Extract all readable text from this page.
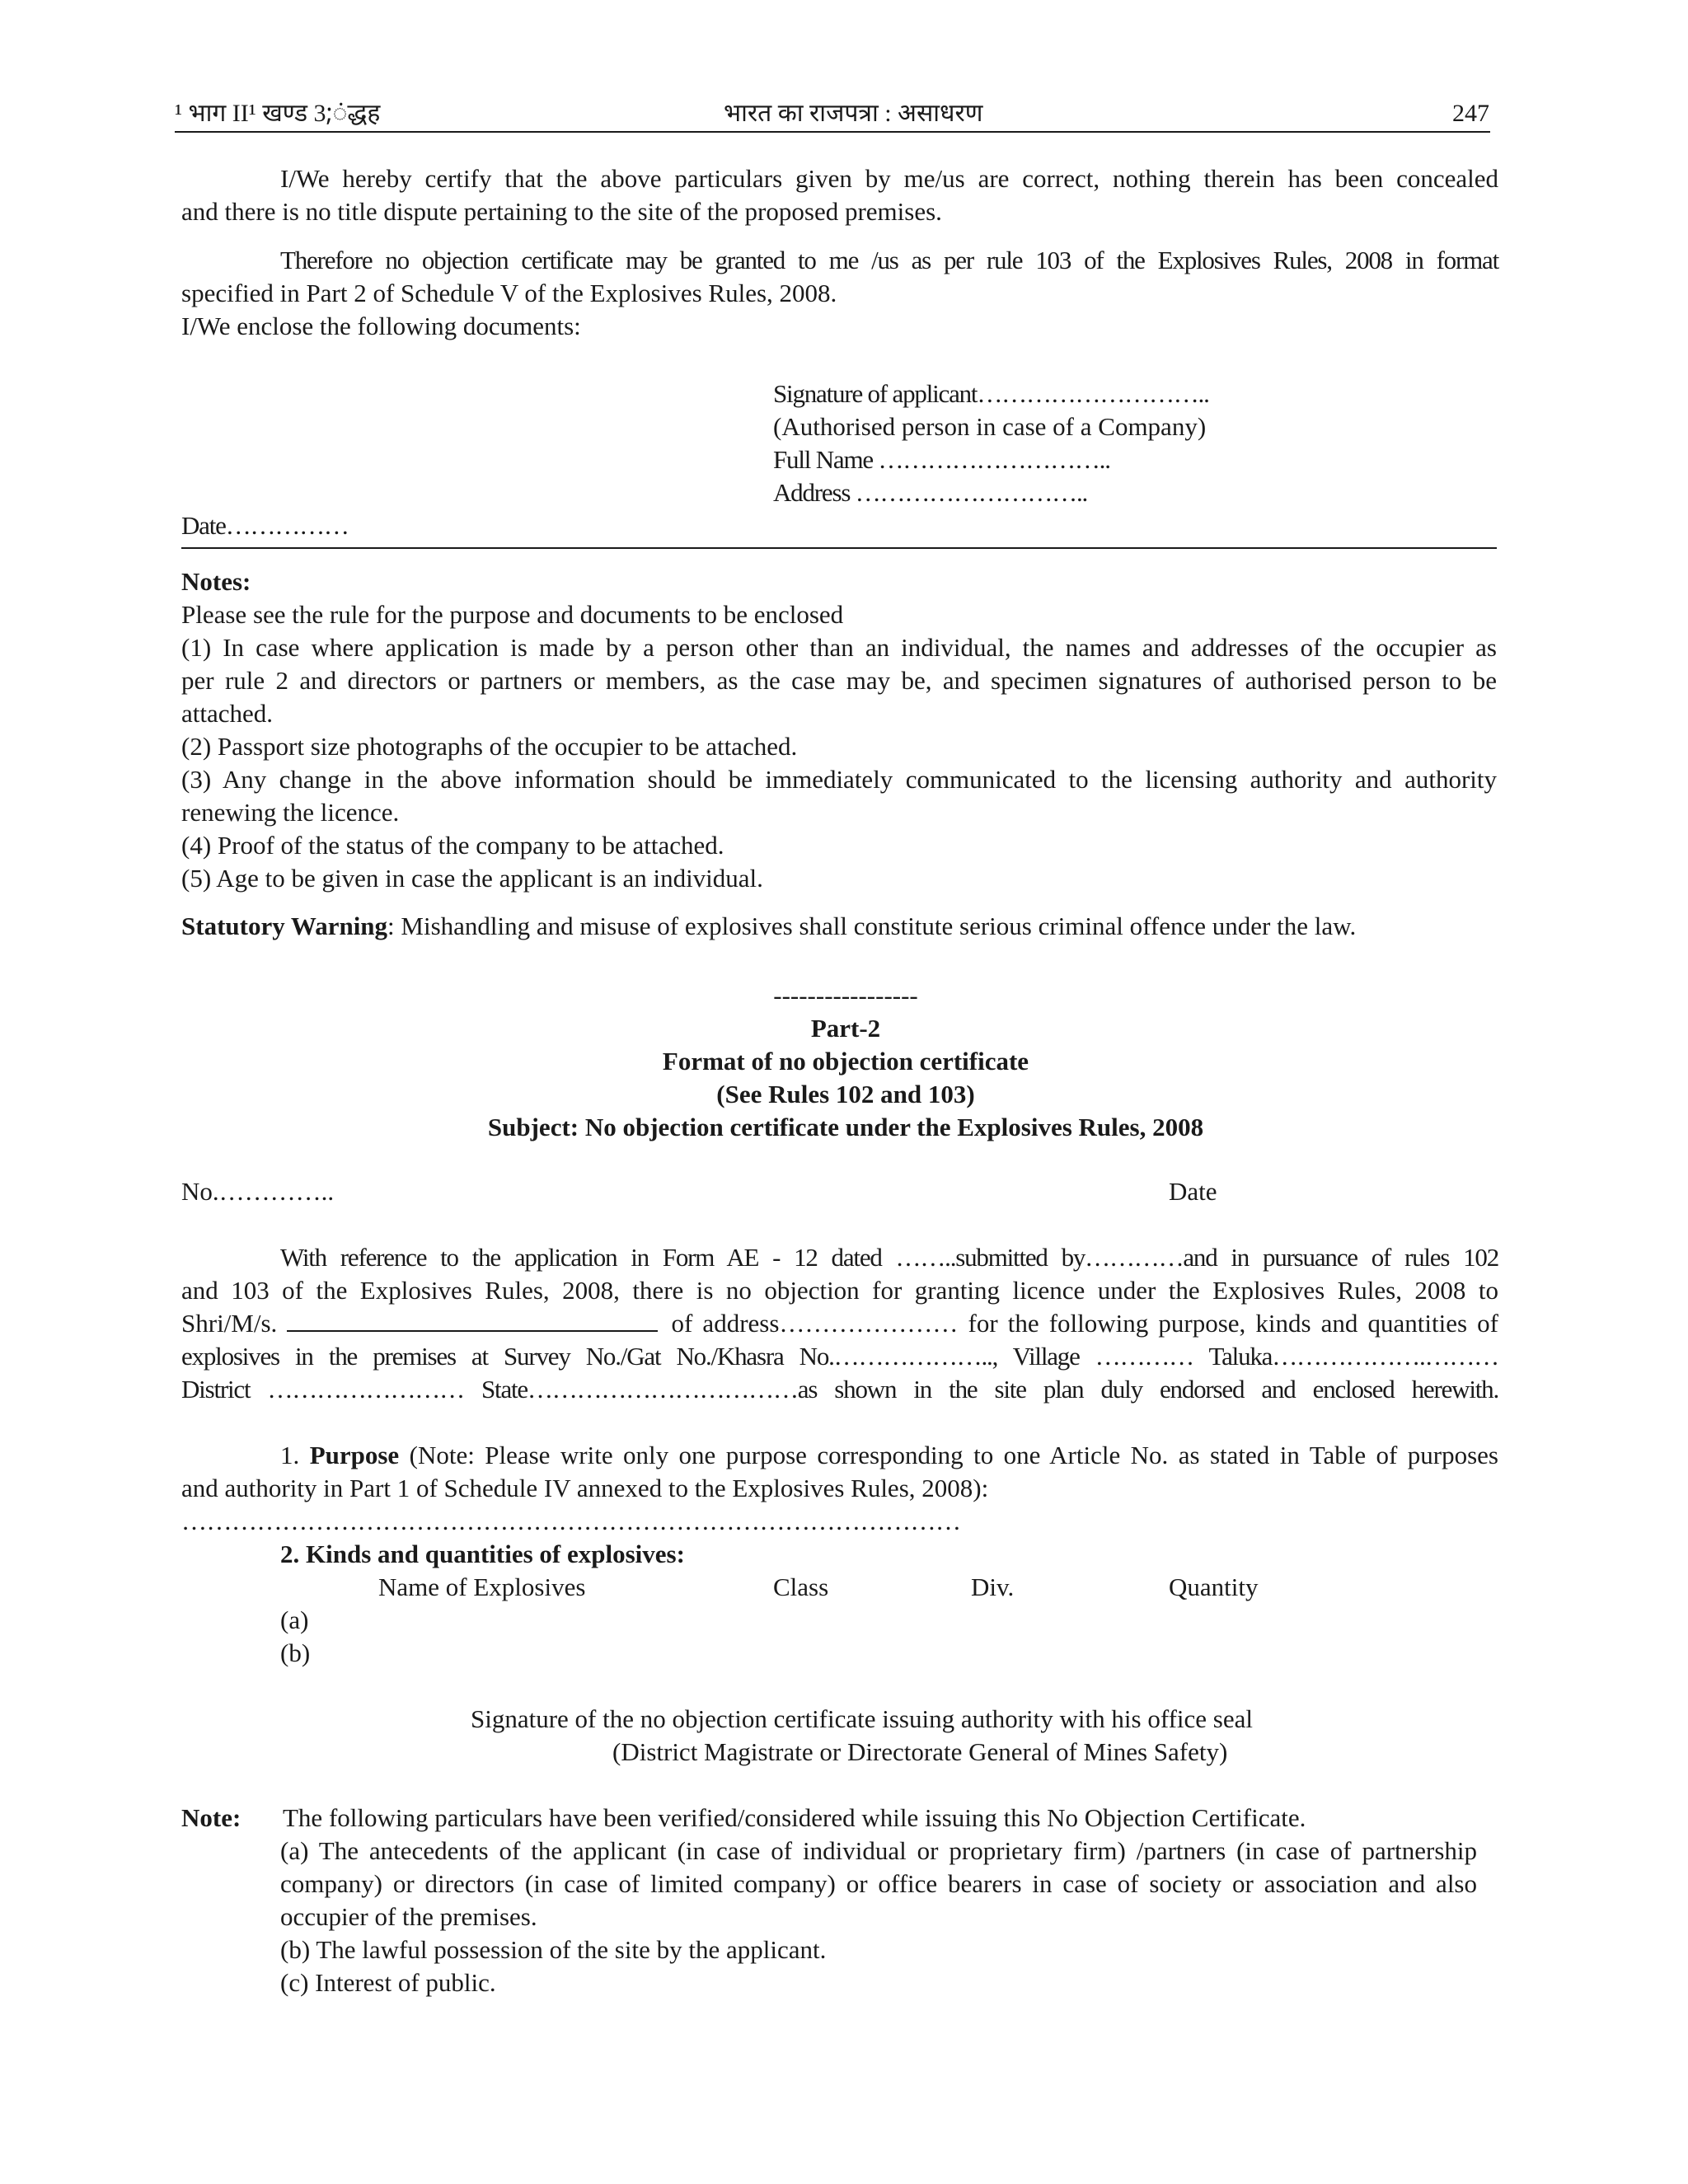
¹ भाग II¹ खण्ड 3;ंद्धह	भारत का राजपत्रा : असाधरण	247
I/We hereby certify that the above particulars given by me/us are correct, nothing therein has been concealed
and there is no title dispute pertaining to the site of the proposed premises.
Therefore no objection certificate may be granted to me /us as per rule 103 of the Explosives Rules, 2008 in format
specified in Part 2 of Schedule V of the Explosives Rules, 2008.
I/We enclose the following documents:
Signature of applicant………………………..
(Authorised person in case of a Company)
Full Name ………………………..
Address ………………………..
Date……………
Notes:
Please see the rule for the purpose and documents to be enclosed
(1) In case where application is made by a person other than an individual, the names and addresses of the occupier as
per rule 2 and directors or partners or members, as the case may be, and specimen signatures of authorised person to be
attached.
(2) Passport size photographs of the occupier to be attached.
(3) Any change in the above information should be immediately communicated to the licensing authority and authority
renewing the licence.
(4) Proof of the status of the company to be attached.
(5) Age to be given in case the applicant is an individual.
Statutory Warning: Mishandling and misuse of explosives shall constitute serious criminal offence under the law.
-----------------
Part-2
Format of no objection certificate
(See Rules 102 and 103)
Subject: No objection certificate under the Explosives Rules, 2008
No.…………..	Date
With reference to the application in Form AE - 12 dated ……..submitted by…………and in pursuance of rules 102
and 103 of the Explosives Rules, 2008, there is no objection for granting licence under the Explosives Rules, 2008 to
Shri/M/s.	of address………………… for the following purpose, kinds and quantities of
explosives in the premises at Survey No./Gat No./Khasra No.……………….., Village ………… Taluka……………….………
District …………………… State……………………………as shown in the site plan duly endorsed and enclosed herewith.
1. Purpose (Note: Please write only one purpose corresponding to one Article No. as stated in Table of purposes
and authority in Part 1 of Schedule IV annexed to the Explosives Rules, 2008):
…………………………………………………………………………………
2. Kinds and quantities of explosives:
Name of Explosives	Class	Div.	Quantity
(a)
(b)
Signature of the no objection certificate issuing authority with his office seal
(District Magistrate or Directorate General of Mines Safety)
Note: The following particulars have been verified/considered while issuing this No Objection Certificate.
(a) The antecedents of the applicant (in case of individual or proprietary firm) /partners (in case of partnership
company) or directors (in case of limited company) or office bearers in case of society or association and also
occupier of the premises.
(b) The lawful possession of the site by the applicant.
(c) Interest of public.
